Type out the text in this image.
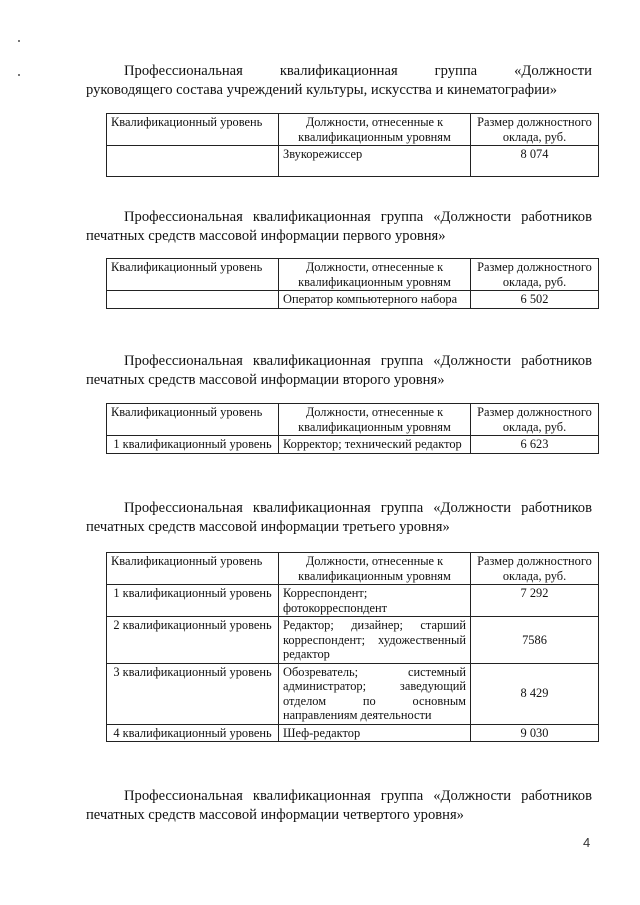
Профессиональная квалификационная группа «Должности
руководящего состава учреждений культуры, искусства и кинематографии»
Квалификационный уровень	Должности, отнесенные к квалификационным уровням	Размер должностного оклада, руб.
	Звукорежиссер	8 074
Профессиональная квалификационная группа «Должности работников
печатных средств массовой информации первого уровня»
Квалификационный уровень	Должности, отнесенные к квалификационным уровням	Размер должностного оклада, руб.
	Оператор компьютерного набора	6 502
Профессиональная квалификационная группа «Должности работников
печатных средств массовой информации второго уровня»
Квалификационный уровень	Должности, отнесенные к квалификационным уровням	Размер должностного оклада, руб.
1 квалификационный уровень	Корректор; технический редактор	6 623
Профессиональная квалификационная группа «Должности работников
печатных средств массовой информации третьего уровня»
Квалификационный уровень	Должности, отнесенные к квалификационным уровням	Размер должностного оклада, руб.
1 квалификационный уровень	Корреспондент; фотокорреспондент	7 292
2 квалификационный уровень	Редактор; дизайнер; старший корреспондент; художественный редактор	7586
3 квалификационный уровень	Обозреватель; системный администратор; заведующий отделом по основным направлениям деятельности	8 429
4 квалификационный уровень	Шеф-редактор	9 030
Профессиональная квалификационная группа «Должности работников
печатных средств массовой информации четвертого уровня»
4
